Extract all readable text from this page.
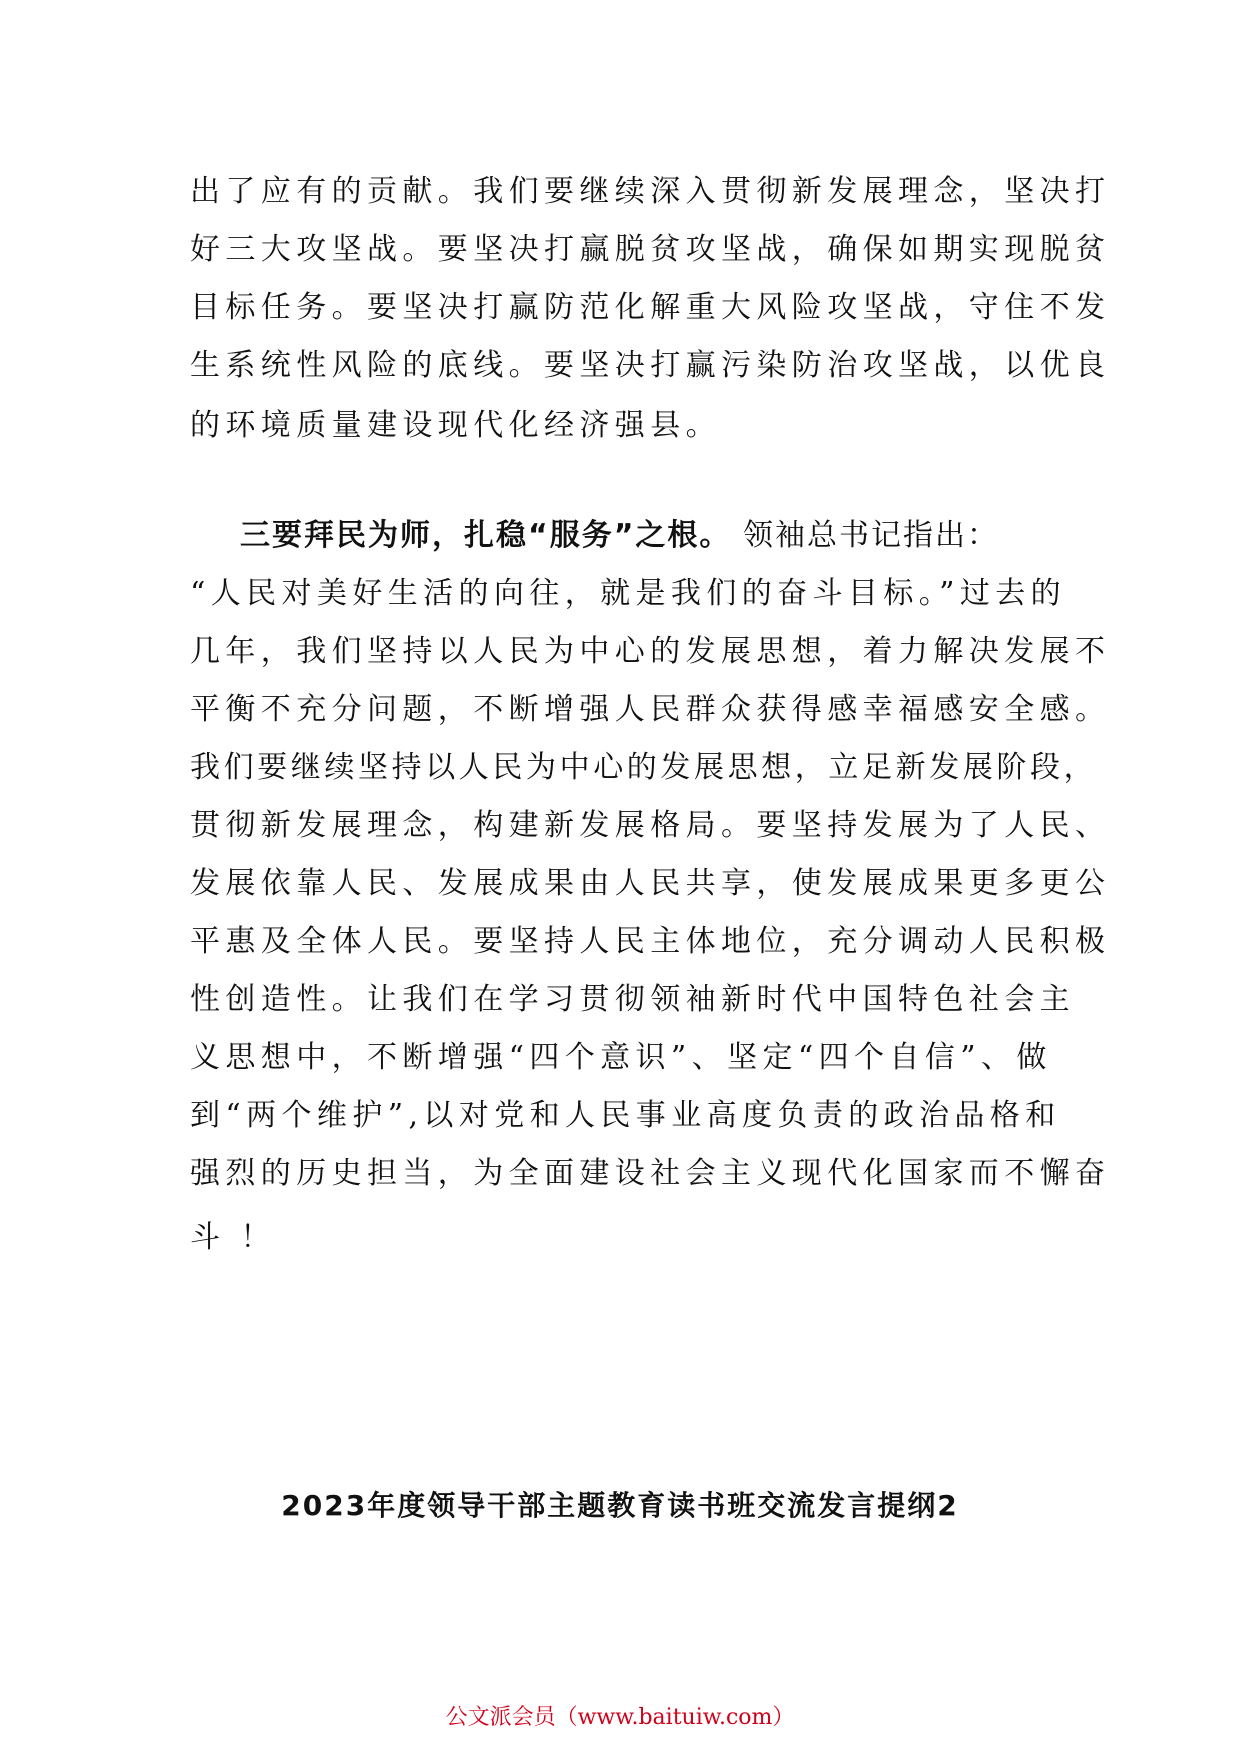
出了应有的贡献。我们要继续深入贯彻新发展理念，坚决打
好三大攻坚战。要坚决打赢脱贫攻坚战，确保如期实现脱贫
目标任务。要坚决打赢防范化解重大风险攻坚战，守住不发
生系统性风险的底线。要坚决打赢污染防治攻坚战，以优良
的环境质量建设现代化经济强县。
三要拜民为师，扎稳“服务”之根。 领袖总书记指出：
“人民对美好生活的向往，就是我们的奋斗目标。”过去的
几年，我们坚持以人民为中心的发展思想，着力解决发展不
平衡不充分问题，不断增强人民群众获得感幸福感安全感。
我们要继续坚持以人民为中心的发展思想，立足新发展阶段，
贯彻新发展理念，构建新发展格局。要坚持发展为了人民、
发展依靠人民、发展成果由人民共享，使发展成果更多更公
平惠及全体人民。要坚持人民主体地位，充分调动人民积极
性创造性。让我们在学习贯彻领袖新时代中国特色社会主
义思想中，不断增强“四个意识”、坚定“四个自信”、做
到“两个维护”,以对党和人民事业高度负责的政治品格和
强烈的历史担当，为全面建设社会主义现代化国家而不懈奋
斗 ！
2023年度领导干部主题教育读书班交流发言提纲2
公文派会员（www.baituiw.com）
